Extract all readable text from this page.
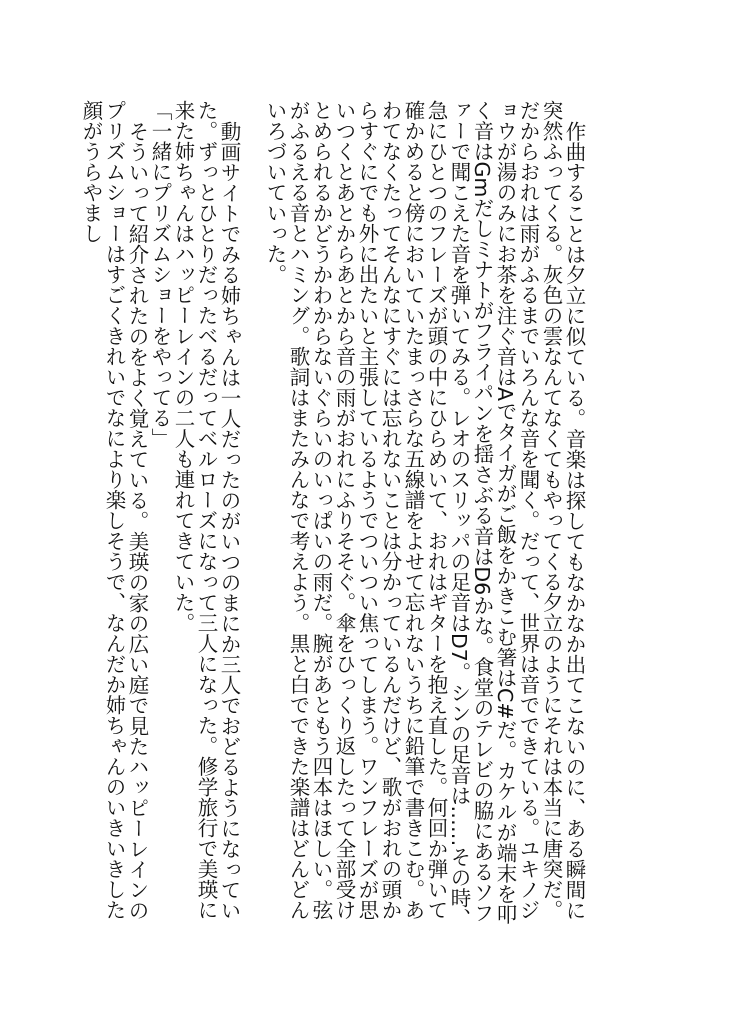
作曲することは夕立に似ている。音楽は探してもなかなか出てこないのに、ある瞬間に突然ふってくる。灰色の雲なんてなくてもやってくる夕立のようにそれは本当に唐突だ。だからおれは雨がふるまでいろんな音を聞く。だって、世界は音でできている。ユキノジョウが湯のみにお茶を注ぐ音はAでタイガがご飯をかきこむ箸はC#だ。カケルが端末を叩く音はGmだしミナトがフライパンを揺さぶる音はD6かな。食堂のテレビの脇にあるソファーで聞こえた音を弾いてみる。レオのスリッパの足音はD7。シンの足音は……その時、急にひとつのフレーズが頭の中にひらめいて、おれはギターを抱え直した。何回か弾いて確かめると傍においていたまっさらな五線譜をよせて忘れないうちに鉛筆で書きこむ。あわてなくたってそんなにすぐには忘れないことは分かっているんだけど、歌がおれの頭からすぐにでも外に出たいと主張しているようでついつい焦ってしまう。ワンフレーズが思いつくとあとからあとから音の雨がおれにふりそそぐ。傘をひっくり返したって全部受けとめられるかどうかわからないぐらいのいっぱいの雨だ。腕があともう四本はほしい。弦がふるえる音とハミング。歌詞はまたみんなで考えよう。黒と白でできた楽譜はどんどんいろづいていった。

動画サイトでみる姉ちゃんは一人だったのがいつのまにか三人でおどるようになっていた。ずっとひとりだったベるだってベルローズになって三人になった。修学旅行で美瑛に来た姉ちゃんはハッピーレインの二人も連れてきていた。

「一緒にプリズムショーをやってる」

そういって紹介されたのをよく覚えている。美瑛の家の広い庭で見たハッピーレインのプリズムショーはすごくきれいでなにより楽しそうで、なんだか姉ちゃんのいきいきした顔がうらやまし
